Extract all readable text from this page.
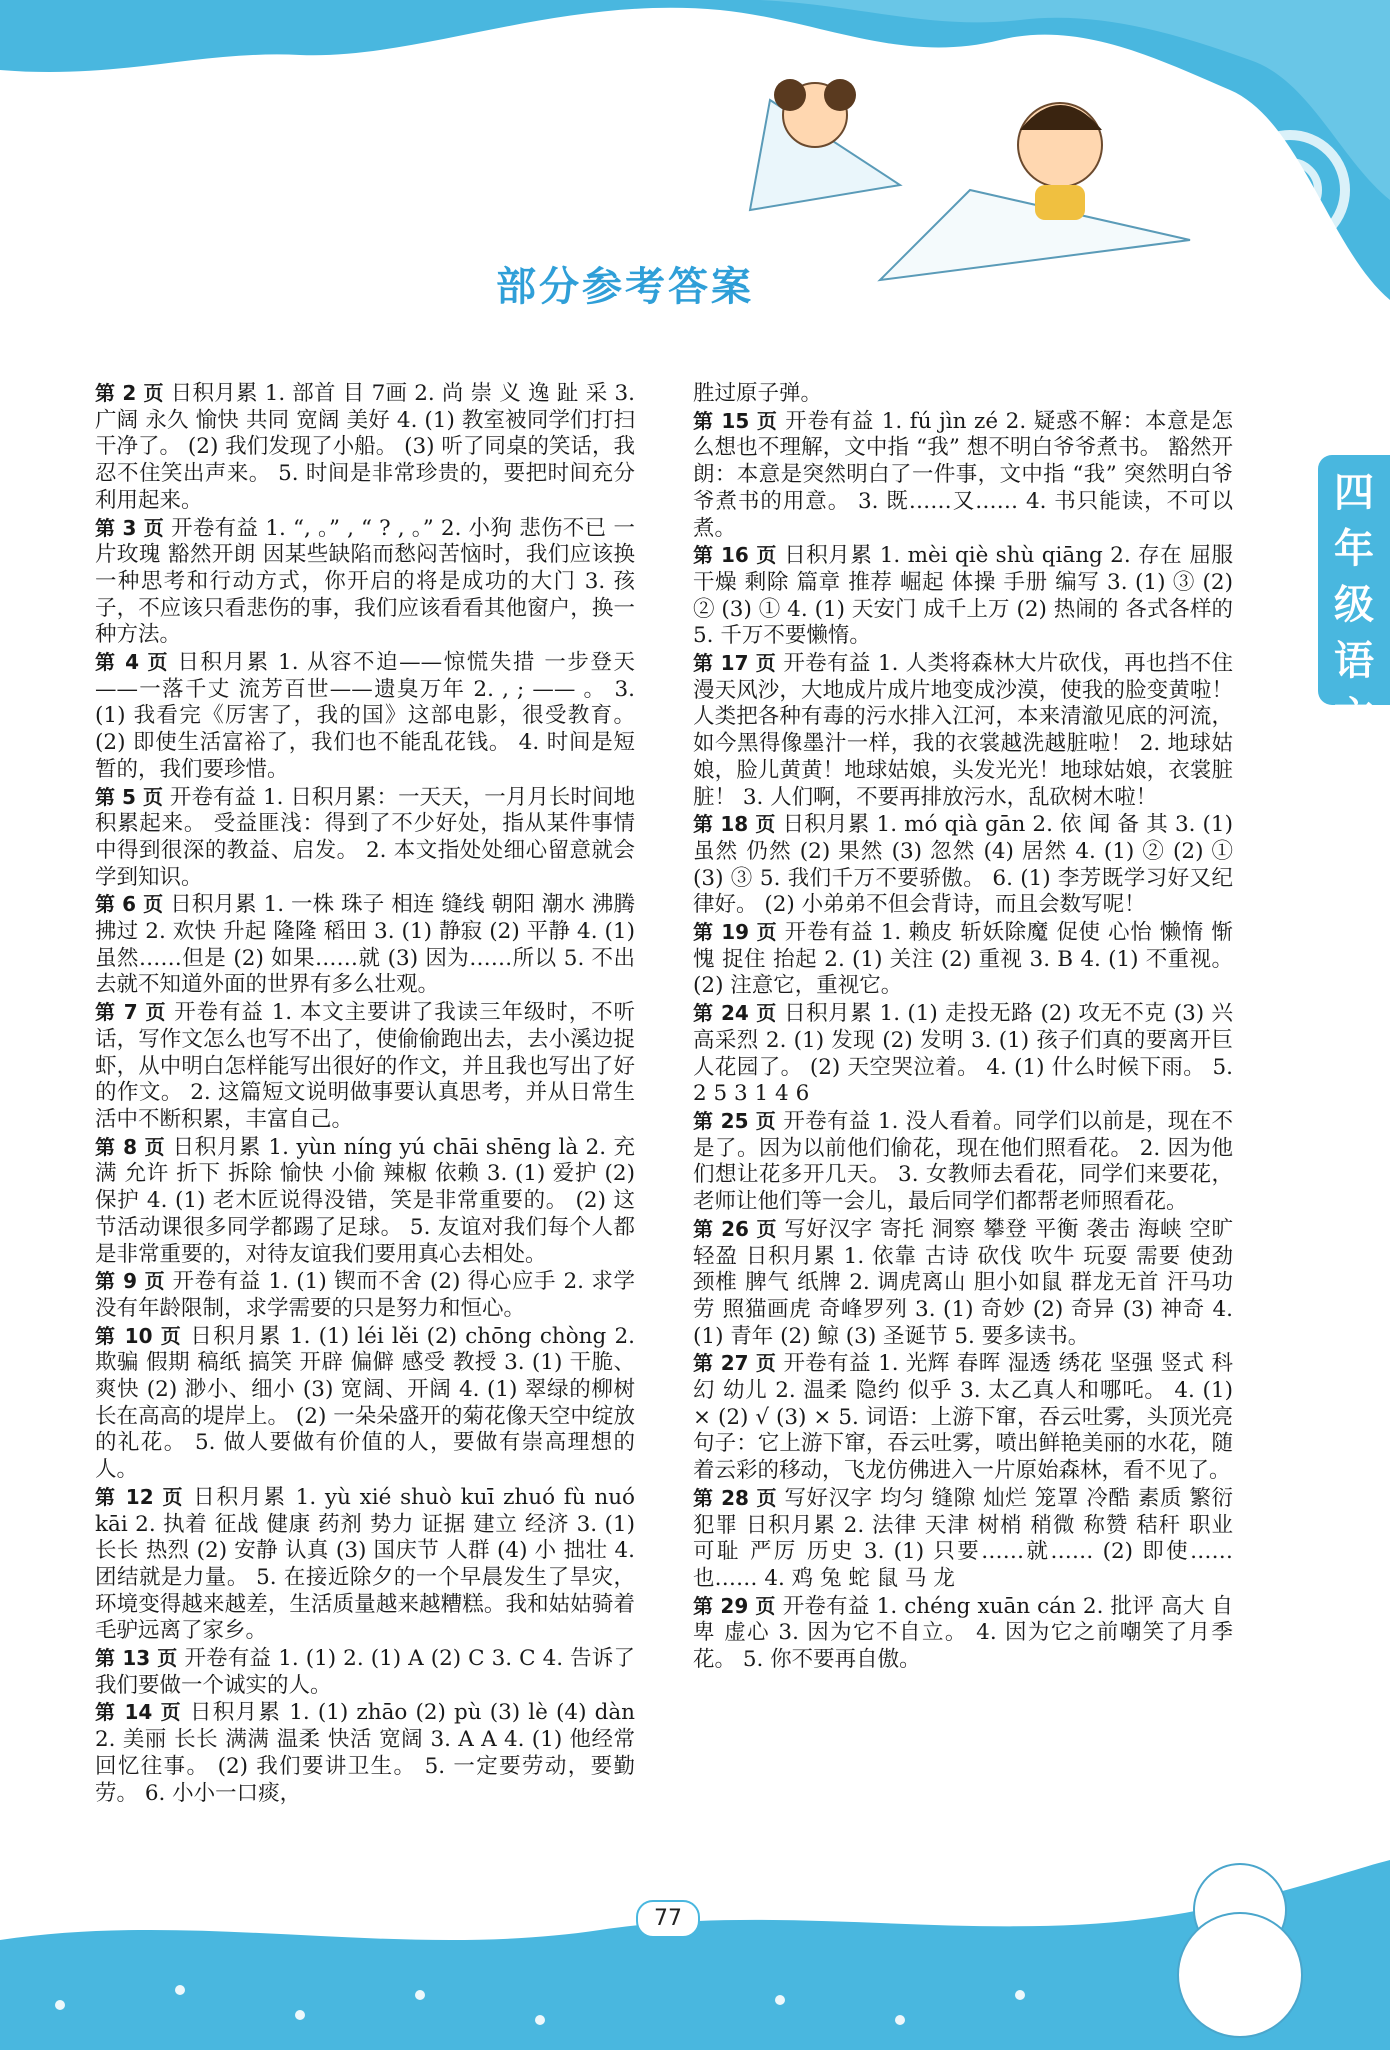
部分参考答案
四年级语文

第 2 页 日积月累 1. 部首 目 7画 2. 尚 崇 义 逸 趾 采 3. 广阔 永久 愉快 共同 宽阔 美好 4. (1) 教室被同学们打扫干净了。 (2) 我们发现了小船。 (3) 听了同桌的笑话，我忍不住笑出声来。 5. 时间是非常珍贵的，要把时间充分利用起来。

第 3 页 开卷有益 1. “, 。” , “ ? , 。” 2. 小狗 悲伤不已 一片玫瑰 豁然开朗 因某些缺陷而愁闷苦恼时，我们应该换一种思考和行动方式，你开启的将是成功的大门 3. 孩子，不应该只看悲伤的事，我们应该看看其他窗户，换一种方法。

第 4 页 日积月累 1. 从容不迫——惊慌失措 一步登天——一落千丈 流芳百世——遗臭万年 2. , ; —— 。 3. (1) 我看完《厉害了，我的国》这部电影，很受教育。 (2) 即使生活富裕了，我们也不能乱花钱。 4. 时间是短暂的，我们要珍惜。

第 5 页 开卷有益 1. 日积月累：一天天，一月月长时间地积累起来。 受益匪浅：得到了不少好处，指从某件事情中得到很深的教益、启发。 2. 本文指处处细心留意就会学到知识。

第 6 页 日积月累 1. 一株 珠子 相连 缝线 朝阳 潮水 沸腾 拂过 2. 欢快 升起 隆隆 稻田 3. (1) 静寂 (2) 平静 4. (1) 虽然……但是 (2) 如果……就 (3) 因为……所以 5. 不出去就不知道外面的世界有多么壮观。

第 7 页 开卷有益 1. 本文主要讲了我读三年级时，不听话，写作文怎么也写不出了，使偷偷跑出去，去小溪边捉虾，从中明白怎样能写出很好的作文，并且我也写出了好的作文。 2. 这篇短文说明做事要认真思考，并从日常生活中不断积累，丰富自己。

第 8 页 日积月累 1. yùn níng yú chāi shēng là 2. 充满 允许 折下 拆除 愉快 小偷 辣椒 依赖 3. (1) 爱护 (2) 保护 4. (1) 老木匠说得没错，笑是非常重要的。 (2) 这节活动课很多同学都踢了足球。 5. 友谊对我们每个人都是非常重要的，对待友谊我们要用真心去相处。

第 9 页 开卷有益 1. (1) 锲而不舍 (2) 得心应手 2. 求学没有年龄限制，求学需要的只是努力和恒心。

第 10 页 日积月累 1. (1) léi lěi (2) chōng chòng 2. 欺骗 假期 稿纸 搞笑 开辟 偏僻 感受 教授 3. (1) 干脆、爽快 (2) 渺小、细小 (3) 宽阔、开阔 4. (1) 翠绿的柳树长在高高的堤岸上。 (2) 一朵朵盛开的菊花像天空中绽放的礼花。 5. 做人要做有价值的人，要做有崇高理想的人。

第 12 页 日积月累 1. yù xié shuò kuī zhuó fù nuó kāi 2. 执着 征战 健康 药剂 势力 证据 建立 经济 3. (1) 长长 热烈 (2) 安静 认真 (3) 国庆节 人群 (4) 小 拙壮 4. 团结就是力量。 5. 在接近除夕的一个早晨发生了旱灾，环境变得越来越差，生活质量越来越糟糕。我和姑姑骑着毛驴远离了家乡。

第 13 页 开卷有益 1. (1) 2. (1) A (2) C 3. C 4. 告诉了我们要做一个诚实的人。

第 14 页 日积月累 1. (1) zhāo (2) pù (3) lè (4) dàn 2. 美丽 长长 满满 温柔 快活 宽阔 3. A A 4. (1) 他经常回忆往事。 (2) 我们要讲卫生。 5. 一定要劳动，要勤劳。 6. 小小一口痰，

胜过原子弹。

第 15 页 开卷有益 1. fú jìn zé 2. 疑惑不解：本意是怎么想也不理解，文中指 “我” 想不明白爷爷煮书。 豁然开朗：本意是突然明白了一件事，文中指 “我” 突然明白爷爷煮书的用意。 3. 既……又…… 4. 书只能读，不可以煮。

第 16 页 日积月累 1. mèi qiè shù qiāng 2. 存在 屈服 干燥 剩除 篇章 推荐 崛起 体操 手册 编写 3. (1) ③ (2) ② (3) ① 4. (1) 天安门 成千上万 (2) 热闹的 各式各样的 5. 千万不要懒惰。

第 17 页 开卷有益 1. 人类将森林大片砍伐，再也挡不住漫天风沙，大地成片成片地变成沙漠，使我的脸变黄啦！ 人类把各种有毒的污水排入江河，本来清澈见底的河流，如今黑得像墨汁一样，我的衣裳越洗越脏啦！ 2. 地球姑娘，脸儿黄黄！地球姑娘，头发光光！地球姑娘，衣裳脏脏！ 3. 人们啊，不要再排放污水，乱砍树木啦！

第 18 页 日积月累 1. mó qià gān 2. 依 闻 备 其 3. (1) 虽然 仍然 (2) 果然 (3) 忽然 (4) 居然 4. (1) ② (2) ① (3) ③ 5. 我们千万不要骄傲。 6. (1) 李芳既学习好又纪律好。 (2) 小弟弟不但会背诗，而且会数写呢！

第 19 页 开卷有益 1. 赖皮 斩妖除魔 促使 心怡 懒惰 惭愧 捉住 抬起 2. (1) 关注 (2) 重视 3. B 4. (1) 不重视。 (2) 注意它，重视它。

第 24 页 日积月累 1. (1) 走投无路 (2) 攻无不克 (3) 兴高采烈 2. (1) 发现 (2) 发明 3. (1) 孩子们真的要离开巨人花园了。 (2) 天空哭泣着。 4. (1) 什么时候下雨。 5. 2 5 3 1 4 6

第 25 页 开卷有益 1. 没人看着。同学们以前是，现在不是了。因为以前他们偷花，现在他们照看花。 2. 因为他们想让花多开几天。 3. 女教师去看花，同学们来要花，老师让他们等一会儿，最后同学们都帮老师照看花。

第 26 页 写好汉字 寄托 洞察 攀登 平衡 袭击 海峡 空旷 轻盈 日积月累 1. 依靠 古诗 砍伐 吹牛 玩耍 需要 使劲 颈椎 脾气 纸牌 2. 调虎离山 胆小如鼠 群龙无首 汗马功劳 照猫画虎 奇峰罗列 3. (1) 奇妙 (2) 奇异 (3) 神奇 4. (1) 青年 (2) 鲸 (3) 圣诞节 5. 要多读书。

第 27 页 开卷有益 1. 光辉 春晖 湿透 绣花 坚强 竖式 科幻 幼儿 2. 温柔 隐约 似乎 3. 太乙真人和哪吒。 4. (1) × (2) √ (3) × 5. 词语：上游下窜，吞云吐雾，头顶光亮 句子：它上游下窜，吞云吐雾，喷出鲜艳美丽的水花，随着云彩的移动，飞龙仿佛进入一片原始森林，看不见了。

第 28 页 写好汉字 均匀 缝隙 灿烂 笼罩 冷酷 素质 繁衍 犯罪 日积月累 2. 法律 天津 树梢 稍微 称赞 秸秆 职业 可耻 严厉 历史 3. (1) 只要……就…… (2) 即使……也…… 4. 鸡 兔 蛇 鼠 马 龙

第 29 页 开卷有益 1. chéng xuān cán 2. 批评 高大 自卑 虚心 3. 因为它不自立。 4. 因为它之前嘲笑了月季花。 5. 你不要再自傲。

77
